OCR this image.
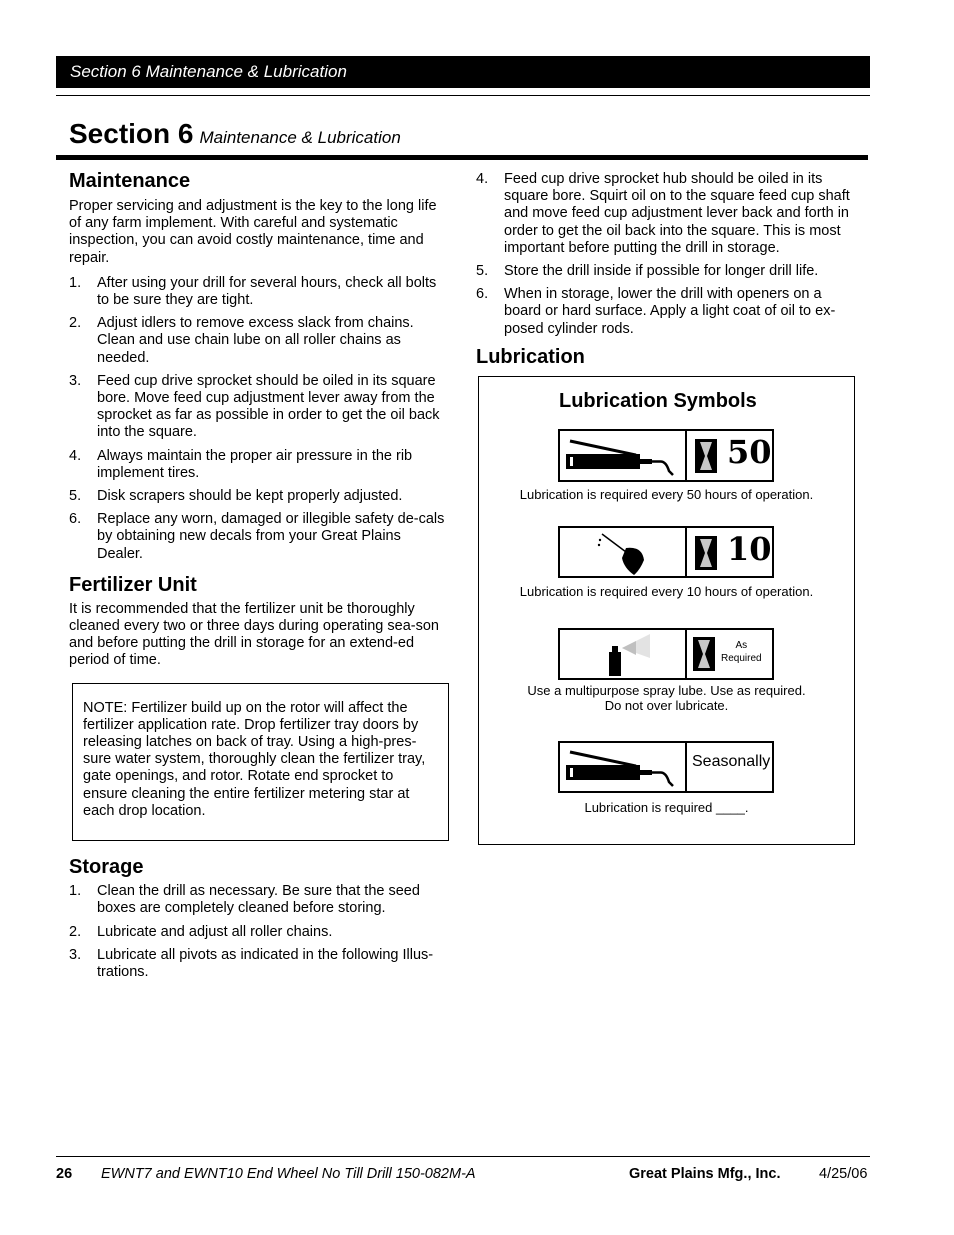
Section 6 Maintenance & Lubrication
Section 6 Maintenance & Lubrication
Maintenance

Proper servicing and adjustment is the key to the long life of any farm implement. With careful and systematic inspection, you can avoid costly maintenance, time and repair.

1. After using your drill for several hours, check all bolts to be sure they are tight.
2. Adjust idlers to remove excess slack from chains. Clean and use chain lube on all roller chains as needed.
3. Feed cup drive sprocket should be oiled in its square bore. Move feed cup adjustment lever away from the sprocket as far as possible in order to get the oil back into the square.
4. Always maintain the proper air pressure in the rib implement tires.
5. Disk scrapers should be kept properly adjusted.
6. Replace any worn, damaged or illegible safety de-cals by obtaining new decals from your Great Plains Dealer.
Fertilizer Unit

It is recommended that the fertilizer unit be thoroughly cleaned every two or three days during operating sea-son and before putting the drill in storage for an extend-ed period of time.

NOTE: Fertilizer build up on the rotor will affect the fertilizer application rate. Drop fertilizer tray doors by releasing latches on back of tray. Using a high-pres-sure water system, thoroughly clean the fertilizer tray, gate openings, and rotor. Rotate end sprocket to ensure cleaning the entire fertilizer metering star at each drop location.

Storage
1. Clean the drill as necessary. Be sure that the seed boxes are completely cleaned before storing.
2. Lubricate and adjust all roller chains.
3. Lubricate all pivots as indicated in the following Illus-trations.
4. Feed cup drive sprocket hub should be oiled in its square bore. Squirt oil on to the square feed cup shaft and move feed cup adjustment lever back and forth in order to get the oil back into the square. This is most important before putting the drill in storage.
5. Store the drill inside if possible for longer drill life.
6. When in storage, lower the drill with openers on a board or hard surface. Apply a light coat of oil to ex-posed cylinder rods.
Lubrication
Lubrication Symbols
50
Lubrication is required every 50 hours of operation.
10
Lubrication is required every 10 hours of operation.
As
Required
Use a multipurpose spray lube. Use as required.
Do not over lubricate.
Seasonally
Lubrication is required ____.
26 EWNT7 and EWNT10 End Wheel No Till Drill 150-082M-A	Great Plains Mfg., Inc.	4/25/06
